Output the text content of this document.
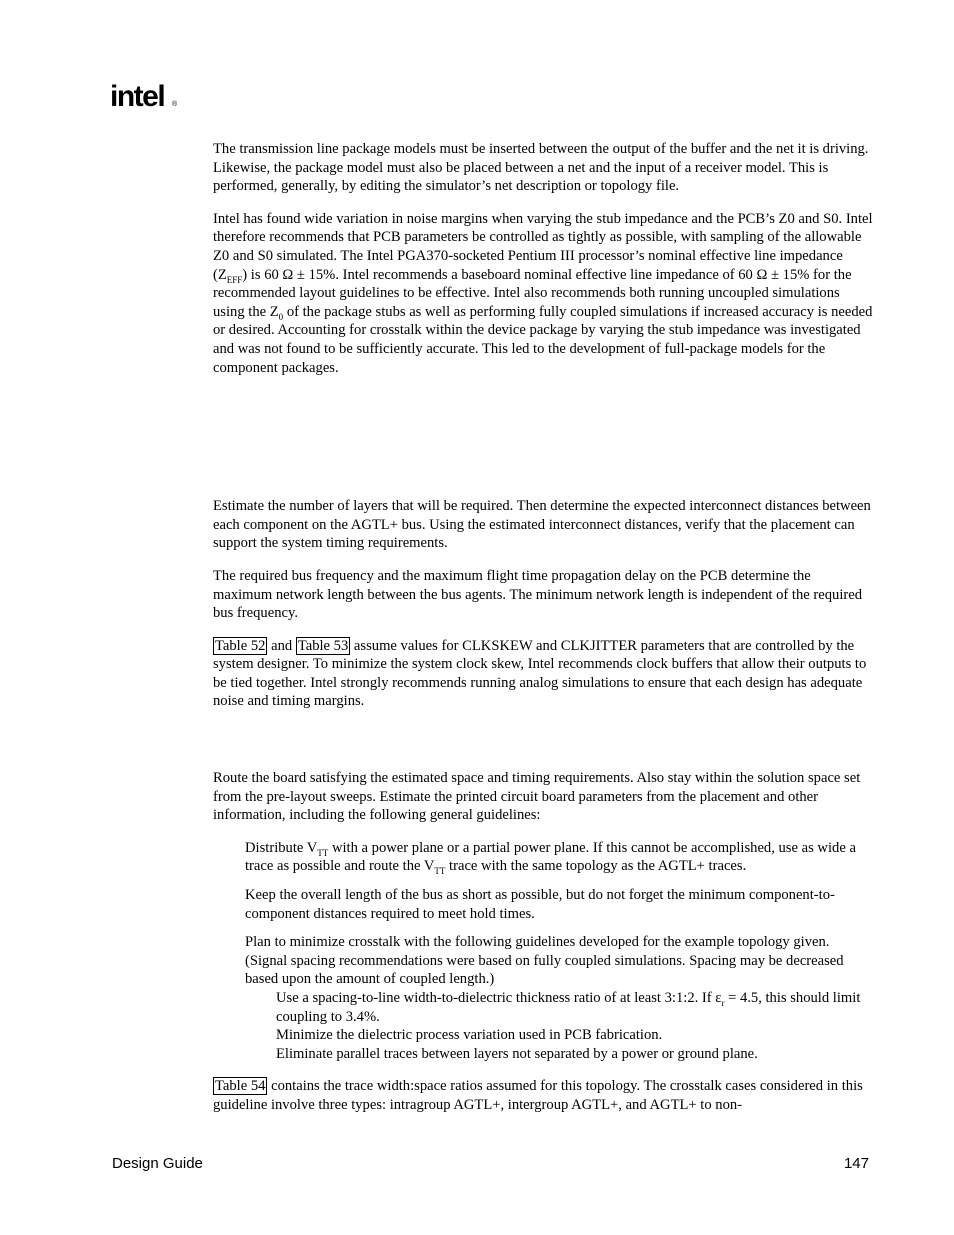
intel ®

The transmission line package models must be inserted between the output of the buffer and the net it is driving. Likewise, the package model must also be placed between a net and the input of a receiver model. This is performed, generally, by editing the simulator’s net description or topology file.

Intel has found wide variation in noise margins when varying the stub impedance and the PCB’s Z0 and S0. Intel therefore recommends that PCB parameters be controlled as tightly as possible, with sampling of the allowable Z0 and S0 simulated. The Intel PGA370-socketed Pentium III processor’s nominal effective line impedance $(Z_{EFF})$ is 60 Ω ± 15%. Intel recommends a baseboard nominal effective line impedance of 60 Ω ± 15% for the recommended layout guidelines to be effective. Intel also recommends both running uncoupled simulations using the $Z_0$ of the package stubs as well as performing fully coupled simulations if increased accuracy is needed or desired. Accounting for crosstalk within the device package by varying the stub impedance was investigated and was not found to be sufficiently accurate. This led to the development of full-package models for the component packages.

Estimate the number of layers that will be required. Then determine the expected interconnect distances between each component on the AGTL+ bus. Using the estimated interconnect distances, verify that the placement can support the system timing requirements.

The required bus frequency and the maximum flight time propagation delay on the PCB determine the maximum network length between the bus agents. The minimum network length is independent of the required bus frequency.

Table 52 and Table 53 assume values for CLKSKEW and CLKJITTER parameters that are controlled by the system designer. To minimize the system clock skew, Intel recommends clock buffers that allow their outputs to be tied together. Intel strongly recommends running analog simulations to ensure that each design has adequate noise and timing margins.

Route the board satisfying the estimated space and timing requirements. Also stay within the solution space set from the pre-layout sweeps. Estimate the printed circuit board parameters from the placement and other information, including the following general guidelines:

Distribute $V_{TT}$ with a power plane or a partial power plane. If this cannot be accomplished, use as wide a trace as possible and route the $V_{TT}$ trace with the same topology as the AGTL+ traces.

Keep the overall length of the bus as short as possible, but do not forget the minimum component-to-component distances required to meet hold times.

Plan to minimize crosstalk with the following guidelines developed for the example topology given. (Signal spacing recommendations were based on fully coupled simulations. Spacing may be decreased based upon the amount of coupled length.)

Use a spacing-to-line width-to-dielectric thickness ratio of at least 3:1:2. If $\varepsilon_r = 4.5$, this should limit coupling to 3.4%.

Minimize the dielectric process variation used in PCB fabrication.

Eliminate parallel traces between layers not separated by a power or ground plane.

Table 54 contains the trace width:space ratios assumed for this topology. The crosstalk cases considered in this guideline involve three types: intragroup AGTL+, intergroup AGTL+, and AGTL+ to non-

Design Guide	147
